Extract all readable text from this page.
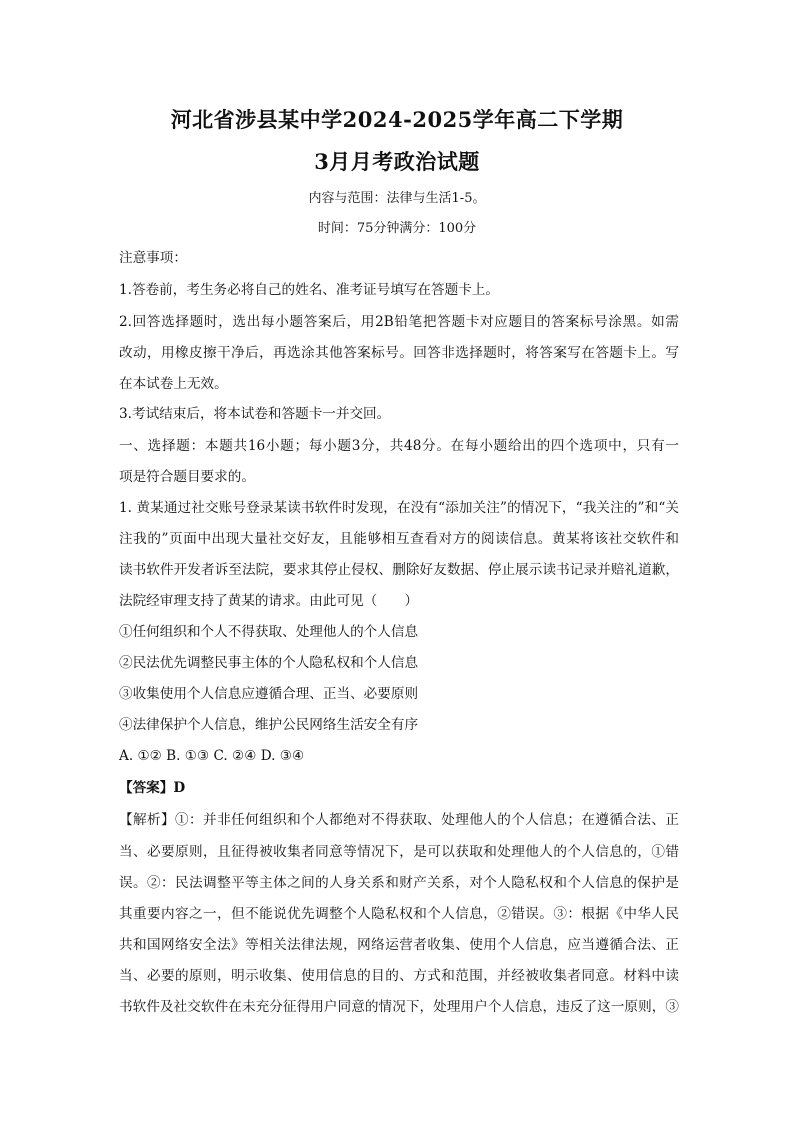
河北省涉县某中学2024-2025学年高二下学期
3月月考政治试题
内容与范围：法律与生活1-5。
时间：75分钟满分：100分
注意事项：
1.答卷前，考生务必将自己的姓名、准考证号填写在答题卡上。
2.回答选择题时，选出每小题答案后，用2B铅笔把答题卡对应题目的答案标号涂黑。如需
改动，用橡皮擦干净后，再选涂其他答案标号。回答非选择题时，将答案写在答题卡上。写
在本试卷上无效。
3.考试结束后，将本试卷和答题卡一并交回。
一、选择题：本题共16小题；每小题3分，共48分。在每小题给出的四个选项中，只有一
项是符合题目要求的。
1. 黄某通过社交账号登录某读书软件时发现，在没有“添加关注”的情况下，“我关注的”和“关
注我的”页面中出现大量社交好友，且能够相互查看对方的阅读信息。黄某将该社交软件和
读书软件开发者诉至法院，要求其停止侵权、删除好友数据、停止展示读书记录并赔礼道歉，
法院经审理支持了黄某的请求。由此可见（　　）
①任何组织和个人不得获取、处理他人的个人信息
②民法优先调整民事主体的个人隐私权和个人信息
③收集使用个人信息应遵循合理、正当、必要原则
④法律保护个人信息，维护公民网络生活安全有序
A. ①② B. ①③ C. ②④ D. ③④
【答案】D
【解析】①：并非任何组织和个人都绝对不得获取、处理他人的个人信息；在遵循合法、正
当、必要原则，且征得被收集者同意等情况下，是可以获取和处理他人的个人信息的，①错
误。②：民法调整平等主体之间的人身关系和财产关系，对个人隐私权和个人信息的保护是
其重要内容之一，但不能说优先调整个人隐私权和个人信息，②错误。③：根据《中华人民
共和国网络安全法》等相关法律法规，网络运营者收集、使用个人信息，应当遵循合法、正
当、必要的原则，明示收集、使用信息的目的、方式和范围，并经被收集者同意。材料中读
书软件及社交软件在未充分征得用户同意的情况下，处理用户个人信息，违反了这一原则，③
